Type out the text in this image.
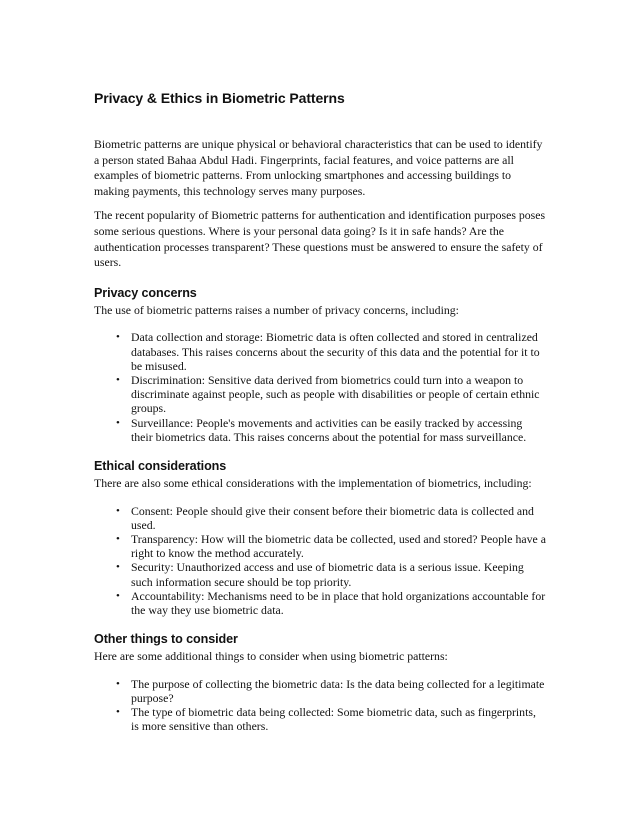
Privacy & Ethics in Biometric Patterns

Biometric patterns are unique physical or behavioral characteristics that can be used to identify a person stated Bahaa Abdul Hadi. Fingerprints, facial features, and voice patterns are all examples of biometric patterns. From unlocking smartphones and accessing buildings to making payments, this technology serves many purposes.

The recent popularity of Biometric patterns for authentication and identification purposes poses some serious questions. Where is your personal data going? Is it in safe hands? Are the authentication processes transparent? These questions must be answered to ensure the safety of users.

Privacy concerns

The use of biometric patterns raises a number of privacy concerns, including:

• Data collection and storage: Biometric data is often collected and stored in centralized databases. This raises concerns about the security of this data and the potential for it to be misused.
• Discrimination: Sensitive data derived from biometrics could turn into a weapon to discriminate against people, such as people with disabilities or people of certain ethnic groups.
• Surveillance: People's movements and activities can be easily tracked by accessing their biometrics data. This raises concerns about the potential for mass surveillance.
Ethical considerations

There are also some ethical considerations with the implementation of biometrics, including:

• Consent: People should give their consent before their biometric data is collected and used.
• Transparency: How will the biometric data be collected, used and stored? People have a right to know the method accurately.
• Security: Unauthorized access and use of biometric data is a serious issue. Keeping such information secure should be top priority.
• Accountability: Mechanisms need to be in place that hold organizations accountable for the way they use biometric data.
Other things to consider

Here are some additional things to consider when using biometric patterns:

• The purpose of collecting the biometric data: Is the data being collected for a legitimate purpose?
• The type of biometric data being collected: Some biometric data, such as fingerprints, is more sensitive than others.
